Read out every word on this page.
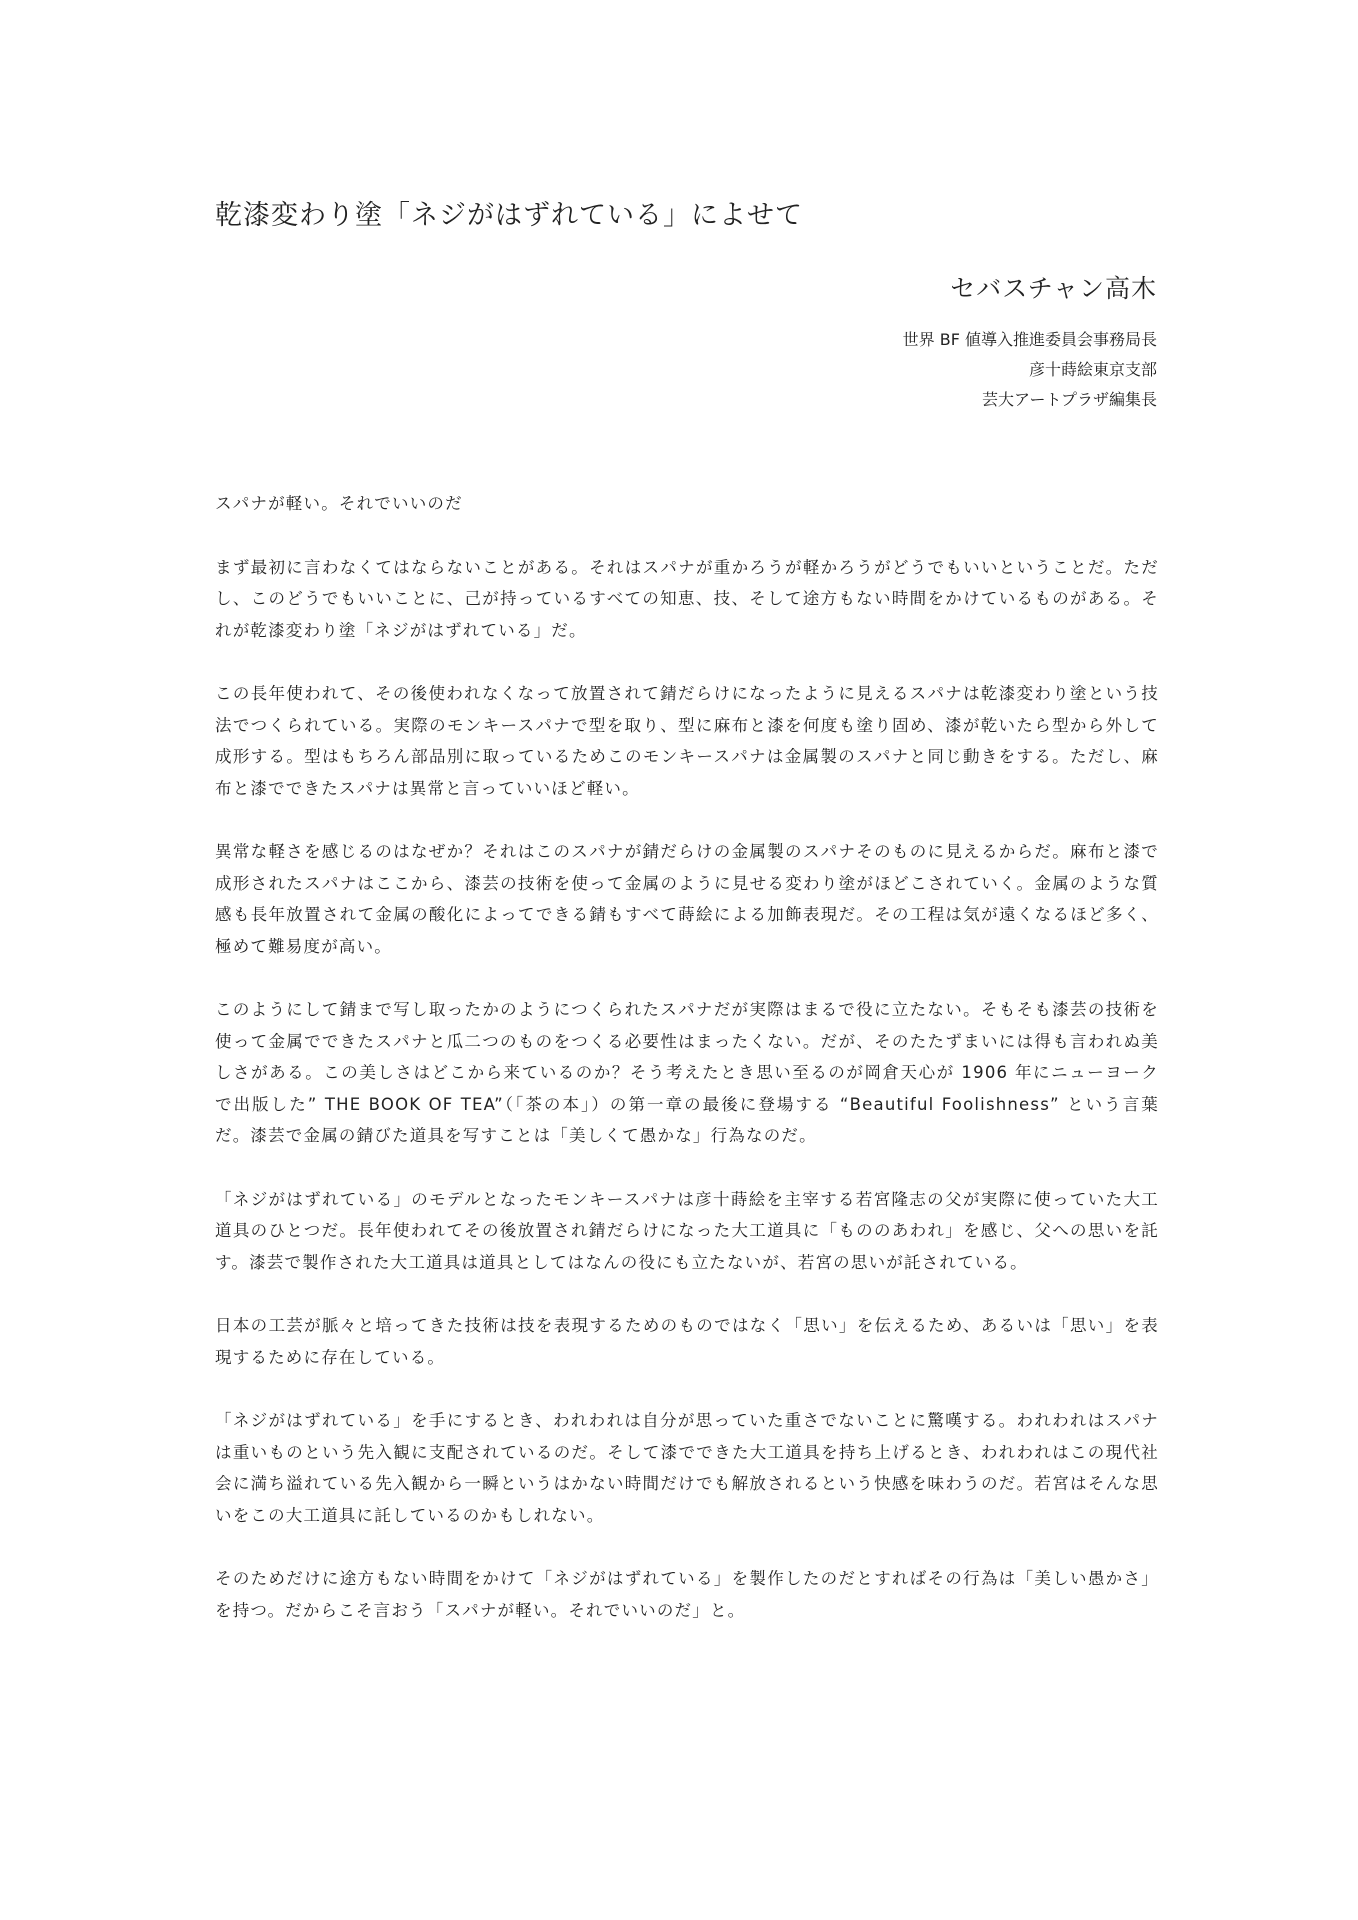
乾漆変わり塗「ネジがはずれている」によせて
セバスチャン高木
世界 BF 値導入推進委員会事務局長
彦十蒔絵東京支部
芸大アートプラザ編集長

スパナが軽い。それでいいのだ

まず最初に言わなくてはならないことがある。それはスパナが重かろうが軽かろうがどうでもいいということだ。ただし、このどうでもいいことに、己が持っているすべての知恵、技、そして途方もない時間をかけているものがある。それが乾漆変わり塗「ネジがはずれている」だ。

この長年使われて、その後使われなくなって放置されて錆だらけになったように見えるスパナは乾漆変わり塗という技法でつくられている。実際のモンキースパナで型を取り、型に麻布と漆を何度も塗り固め、漆が乾いたら型から外して成形する。型はもちろん部品別に取っているためこのモンキースパナは金属製のスパナと同じ動きをする。ただし、麻布と漆でできたスパナは異常と言っていいほど軽い。

異常な軽さを感じるのはなぜか？それはこのスパナが錆だらけの金属製のスパナそのものに見えるからだ。麻布と漆で成形されたスパナはここから、漆芸の技術を使って金属のように見せる変わり塗がほどこされていく。金属のような質感も長年放置されて金属の酸化によってできる錆もすべて蒔絵による加飾表現だ。その工程は気が遠くなるほど多く、極めて難易度が高い。

このようにして錆まで写し取ったかのようにつくられたスパナだが実際はまるで役に立たない。そもそも漆芸の技術を使って金属でできたスパナと瓜二つのものをつくる必要性はまったくない。だが、そのたたずまいには得も言われぬ美しさがある。この美しさはどこから来ているのか？そう考えたとき思い至るのが岡倉天心が 1906 年にニューヨークで出版した” THE BOOK OF TEA”（「茶の本」）の第一章の最後に登場する “Beautiful Foolishness” という言葉だ。漆芸で金属の錆びた道具を写すことは「美しくて愚かな」行為なのだ。

「ネジがはずれている」のモデルとなったモンキースパナは彦十蒔絵を主宰する若宮隆志の父が実際に使っていた大工道具のひとつだ。長年使われてその後放置され錆だらけになった大工道具に「もののあわれ」を感じ、父への思いを託す。漆芸で製作された大工道具は道具としてはなんの役にも立たないが、若宮の思いが託されている。

日本の工芸が脈々と培ってきた技術は技を表現するためのものではなく「思い」を伝えるため、あるいは「思い」を表現するために存在している。

「ネジがはずれている」を手にするとき、われわれは自分が思っていた重さでないことに驚嘆する。われわれはスパナは重いものという先入観に支配されているのだ。そして漆でできた大工道具を持ち上げるとき、われわれはこの現代社会に満ち溢れている先入観から一瞬というはかない時間だけでも解放されるという快感を味わうのだ。若宮はそんな思いをこの大工道具に託しているのかもしれない。

そのためだけに途方もない時間をかけて「ネジがはずれている」を製作したのだとすればその行為は「美しい愚かさ」を持つ。だからこそ言おう「スパナが軽い。それでいいのだ」と。
